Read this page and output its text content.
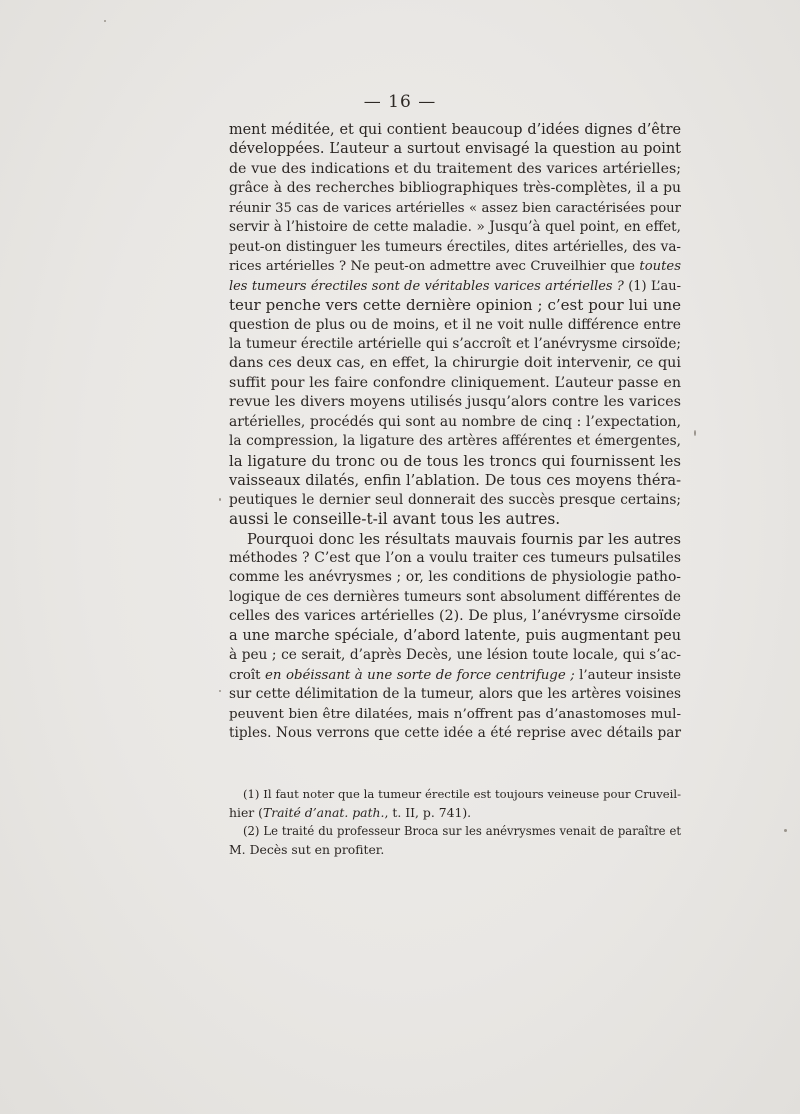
— 16 —
ment méditée, et qui contient beaucoup d’idées dignes d’être
développées. L’auteur a surtout envisagé la question au point
de vue des indications et du traitement des varices artérielles;
grâce à des recherches bibliographiques très-complètes, il a pu
réunir 35 cas de varices artérielles « assez bien caractérisées pour
servir à l’histoire de cette maladie. » Jusqu’à quel point, en effet,
peut-on distinguer les tumeurs érectiles, dites artérielles, des va-
rices artérielles ? Ne peut-on admettre avec Cruveilhier que toutes
les tumeurs érectiles sont de véritables varices artérielles ? (1) L’au-
teur penche vers cette dernière opinion ; c’est pour lui une
question de plus ou de moins, et il ne voit nulle différence entre
la tumeur érectile artérielle qui s’accroît et l’anévrysme cirsoïde;
dans ces deux cas, en effet, la chirurgie doit intervenir, ce qui
suffit pour les faire confondre cliniquement. L’auteur passe en
revue les divers moyens utilisés jusqu’alors contre les varices
artérielles, procédés qui sont au nombre de cinq : l’expectation,
la compression, la ligature des artères afférentes et émergentes,
la ligature du tronc ou de tous les troncs qui fournissent les
vaisseaux dilatés, enfin l’ablation. De tous ces moyens théra-
peutiques le dernier seul donnerait des succès presque certains;
aussi le conseille-t-il avant tous les autres.
Pourquoi donc les résultats mauvais fournis par les autres
méthodes ? C’est que l’on a voulu traiter ces tumeurs pulsatiles
comme les anévrysmes ; or, les conditions de physiologie patho-
logique de ces dernières tumeurs sont absolument différentes de
celles des varices artérielles (2). De plus, l’anévrysme cirsoïde
a une marche spéciale, d’abord latente, puis augmentant peu
à peu ; ce serait, d’après Decès, une lésion toute locale, qui s’ac-
croît en obéissant à une sorte de force centrifuge ; l’auteur insiste
sur cette délimitation de la tumeur, alors que les artères voisines
peuvent bien être dilatées, mais n’offrent pas d’anastomoses mul-
tiples. Nous verrons que cette idée a été reprise avec détails par
(1) Il faut noter que la tumeur érectile est toujours veineuse pour Cruveil-
hier (Traité d’anat. path., t. II, p. 741).
(2) Le traité du professeur Broca sur les anévrysmes venait de paraître et
M. Decès sut en profiter.
